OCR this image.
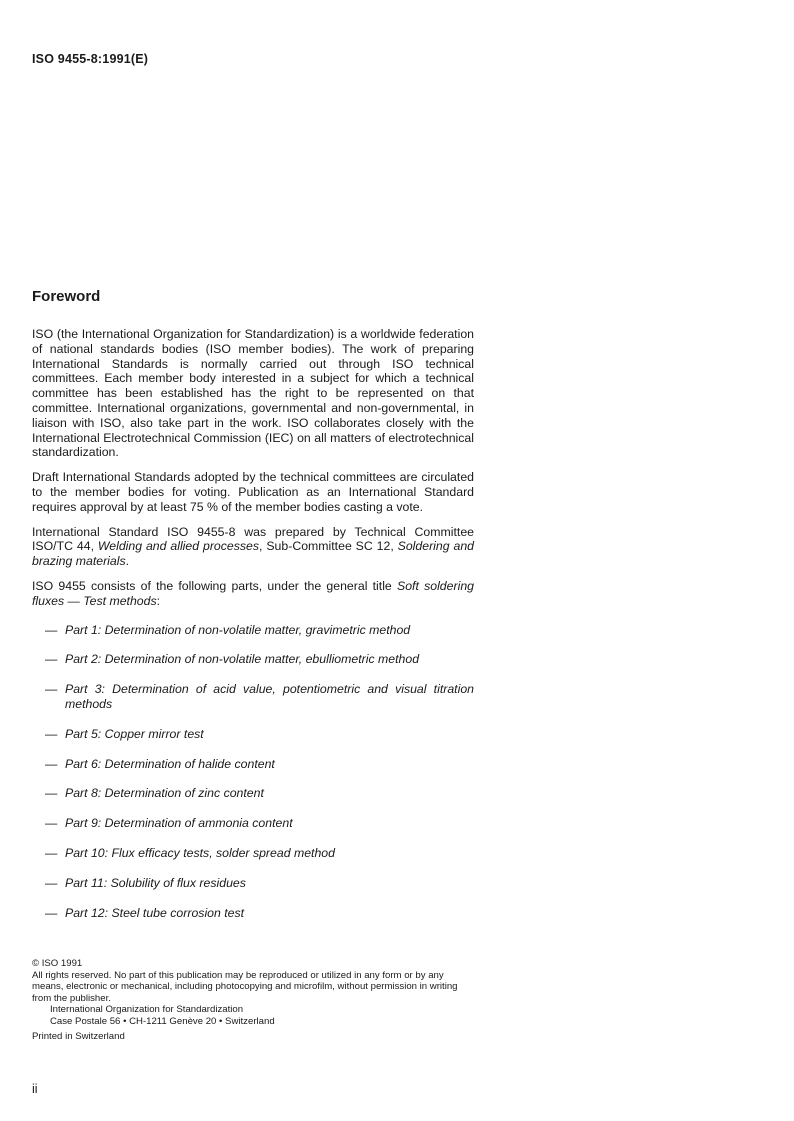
ISO 9455-8:1991(E)
Foreword

ISO (the International Organization for Standardization) is a worldwide federation of national standards bodies (ISO member bodies). The work of preparing International Standards is normally carried out through ISO technical committees. Each member body interested in a subject for which a technical committee has been established has the right to be represented on that committee. International organizations, governmental and non-governmental, in liaison with ISO, also take part in the work. ISO collaborates closely with the International Electrotechnical Commission (IEC) on all matters of electrotechnical standardization.

Draft International Standards adopted by the technical committees are circulated to the member bodies for voting. Publication as an International Standard requires approval by at least 75 % of the member bodies casting a vote.

International Standard ISO 9455-8 was prepared by Technical Committee ISO/TC 44, Welding and allied processes, Sub-Committee SC 12, Soldering and brazing materials.

ISO 9455 consists of the following parts, under the general title Soft soldering fluxes — Test methods:

— Part 1: Determination of non-volatile matter, gravimetric method
— Part 2: Determination of non-volatile matter, ebulliometric method
— Part 3: Determination of acid value, potentiometric and visual titration methods
— Part 5: Copper mirror test
— Part 6: Determination of halide content
— Part 8: Determination of zinc content
— Part 9: Determination of ammonia content
— Part 10: Flux efficacy tests, solder spread method
— Part 11: Solubility of flux residues
— Part 12: Steel tube corrosion test
© ISO 1991
All rights reserved. No part of this publication may be reproduced or utilized in any form or by any means, electronic or mechanical, including photocopying and microfilm, without permission in writing from the publisher.
International Organization for Standardization
Case Postale 56 • CH-1211 Genève 20 • Switzerland
Printed in Switzerland
ii
